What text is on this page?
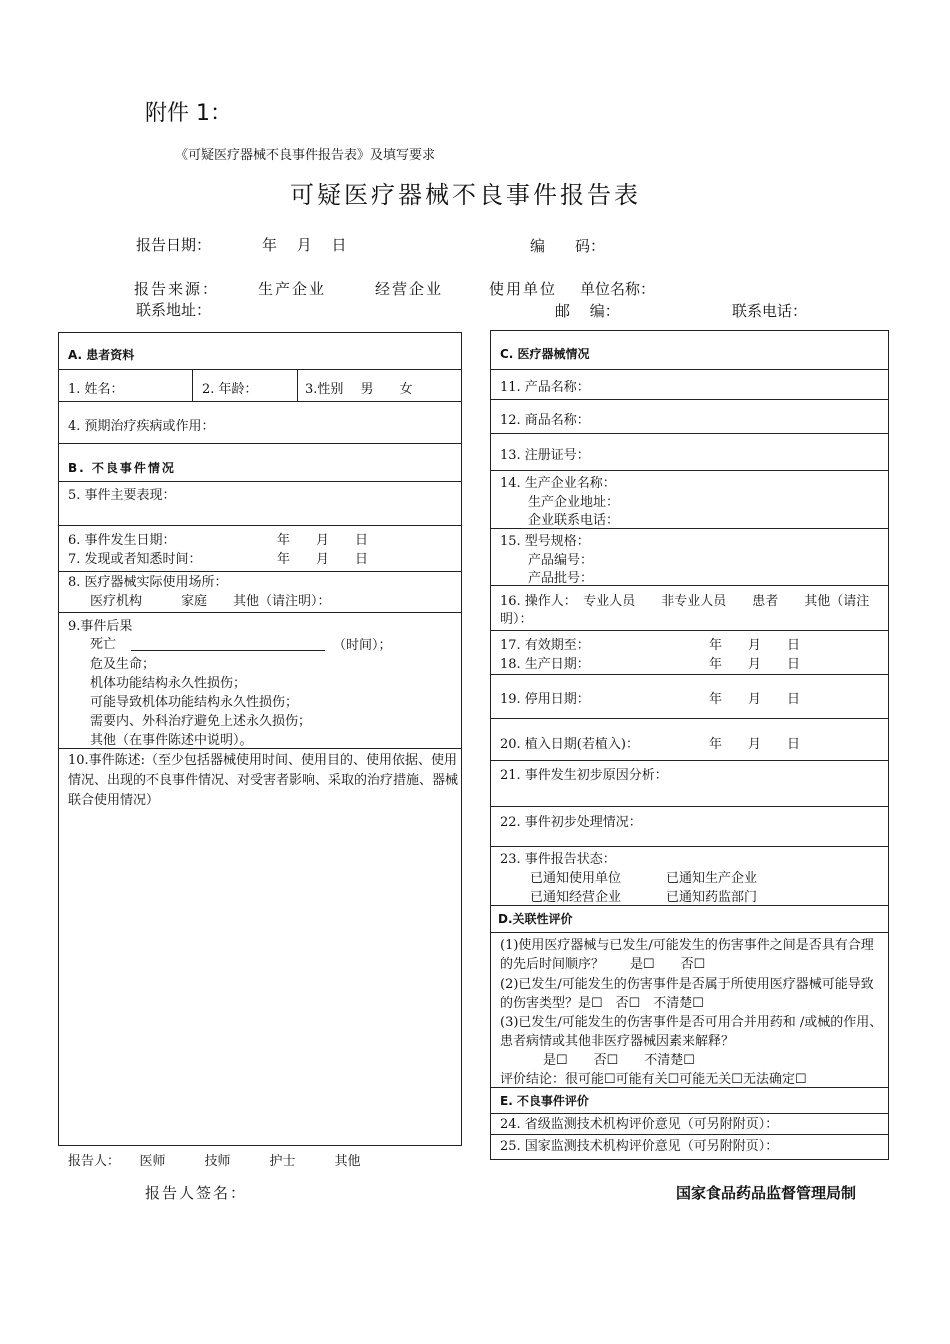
附件 1：
《可疑医疗器械不良事件报告表》及填写要求
可疑医疗器械不良事件报告表
报告日期：	年　 月　 日	编　　码：
报告来源：	生产企业	经营企业	使用单位 单位名称：
联系地址：	邮　 编：	联系电话：
A. 患者资料
1. 姓名：	2. 年龄：	3.性别　 男　　女
4. 预期治疗疾病或作用：
B. 不良事件情况
5. 事件主要表现：
6. 事件发生日期：	年　　月　　日
7. 发现或者知悉时间：	年　　月　　日
8. 医疗器械实际使用场所：
医疗机构　　　家庭　　其他（请注明）：
9.事件后果
死亡	（时间）；
危及生命；
机体功能结构永久性损伤；
可能导致机体功能结构永久性损伤；
需要内、外科治疗避免上述永久损伤；
其他（在事件陈述中说明）。
10.事件陈述:（至少包括器械使用时间、使用目的、使用依据、使用情况、出现的不良事件情况、对受害者影响、采取的治疗措施、器械联合使用情况）
报告人：　　医师　　　技师　　　护士　　　其他
报告人签名：	国家食品药品监督管理局制
C. 医疗器械情况
11. 产品名称：
12. 商品名称：
13. 注册证号：
14. 生产企业名称：
生产企业地址：
企业联系电话：
15. 型号规格：
产品编号：
产品批号：
16. 操作人：　专业人员　　非专业人员　　患者　　其他（请注明）：
17. 有效期至：	年　　月　　日
18. 生产日期：	年　　月　　日
19. 停用日期：	年　　月　　日
20. 植入日期(若植入)：	年　　月　　日
21. 事件发生初步原因分析：
22. 事件初步处理情况：
23. 事件报告状态：
已通知使用单位	已通知生产企业
已通知经营企业	已通知药监部门
D.关联性评价
(1)使用医疗器械与已发生/可能发生的伤害事件之间是否具有合理的先后时间顺序？　　是☐　　否☐
(2)已发生/可能发生的伤害事件是否属于所使用医疗器械可能导致的伤害类型？是☐　否☐　不清楚☐
(3)已发生/可能发生的伤害事件是否可用合并用药和 /或械的作用、患者病情或其他非医疗器械因素来解释？
是☐　　否☐　　不清楚☐
评价结论：很可能☐可能有关☐可能无关☐无法确定☐
E. 不良事件评价
24. 省级监测技术机构评价意见（可另附附页）：
25. 国家监测技术机构评价意见（可另附附页）：
